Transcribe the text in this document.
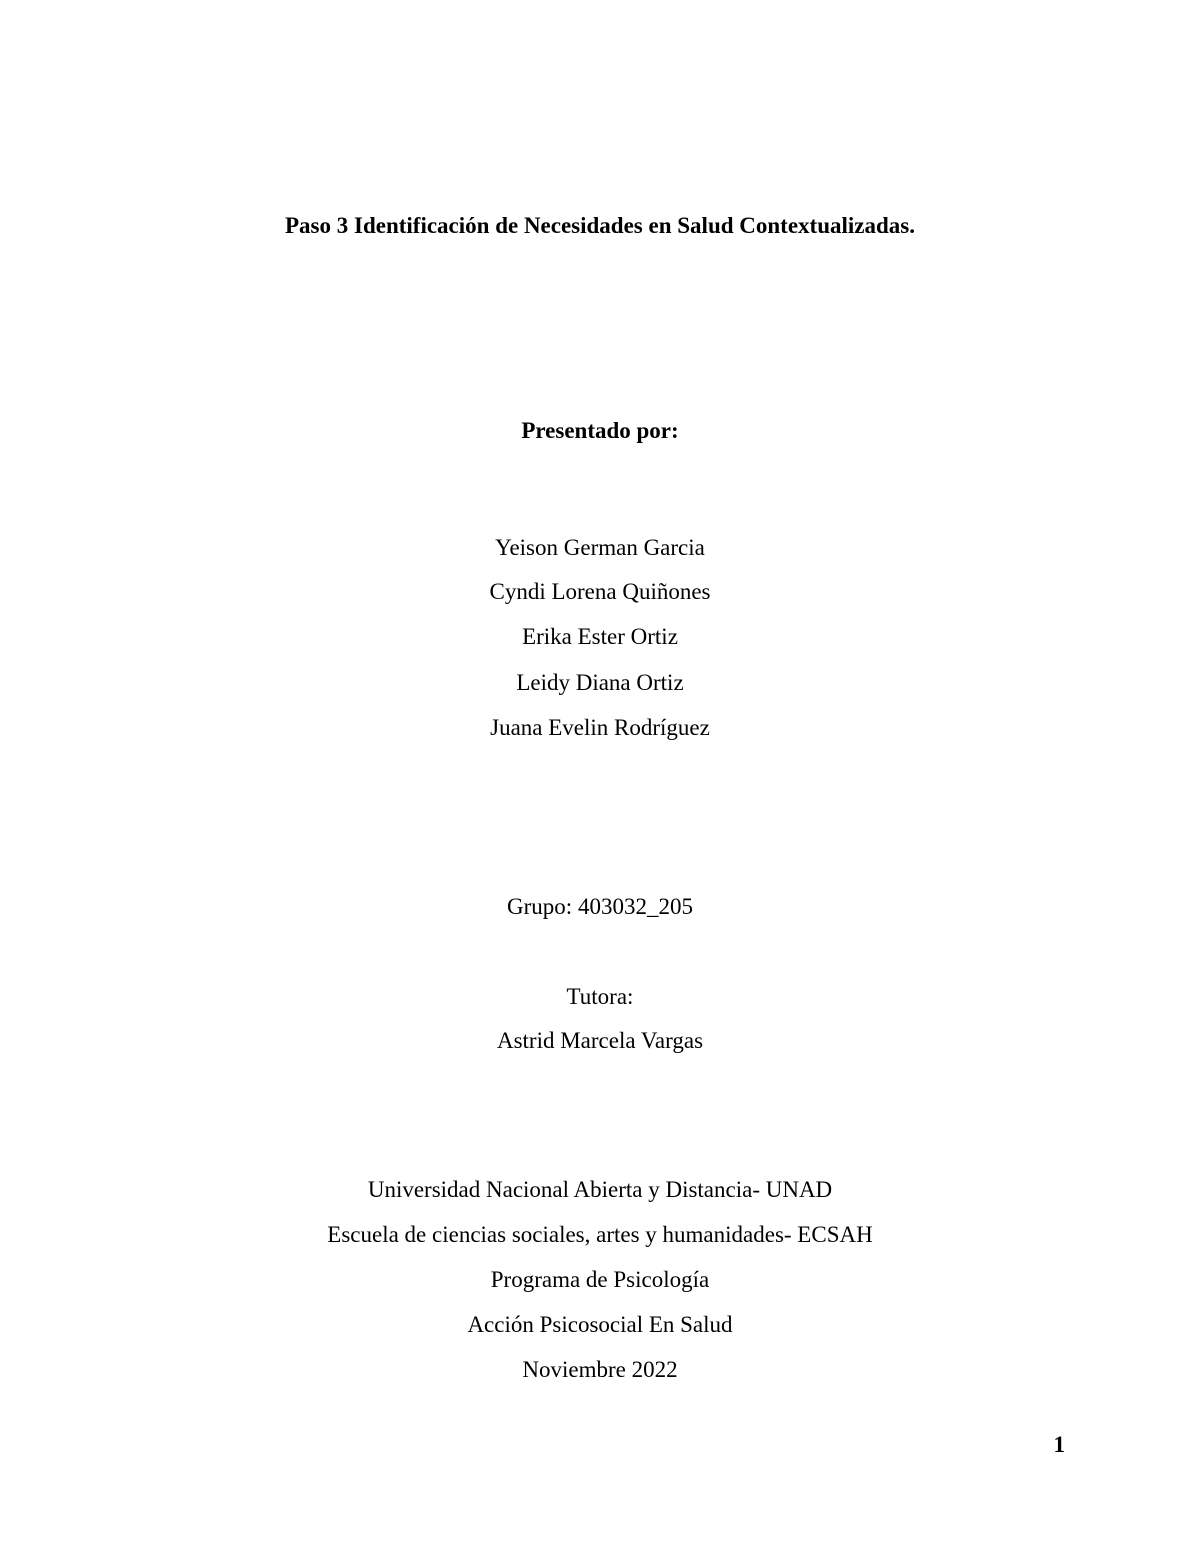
Paso 3 Identificación de Necesidades en Salud Contextualizadas.
Presentado por:
Yeison German Garcia
Cyndi Lorena Quiñones
Erika Ester Ortiz
Leidy Diana Ortiz
Juana Evelin Rodríguez
Grupo: 403032_205
Tutora:
Astrid Marcela Vargas
Universidad Nacional Abierta y Distancia- UNAD
Escuela de ciencias sociales, artes y humanidades- ECSAH
Programa de Psicología
Acción Psicosocial En Salud
Noviembre 2022
1
